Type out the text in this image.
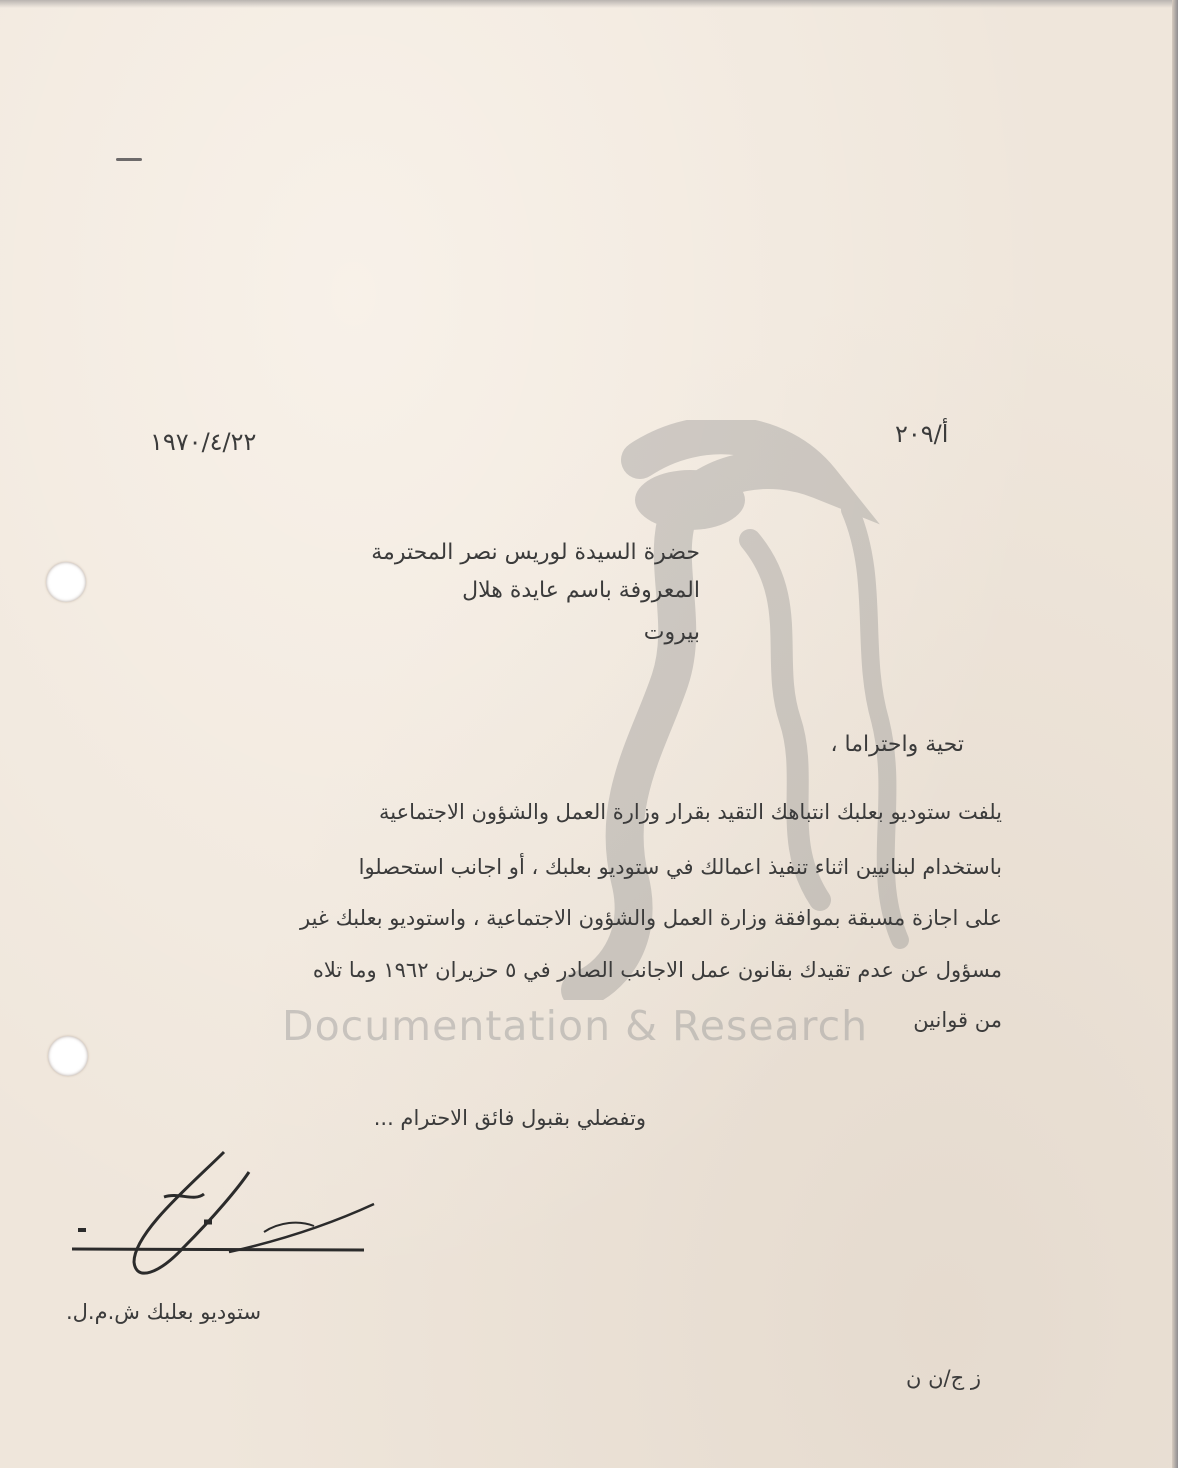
Documentation & Research
١٩٧٠/٤/٢٢	أ/٢٠٩
حضرة السيدة لوريس نصر المحترمة
المعروفة باسم عايدة هلال
بيروت
تحية واحتراما ،
يلفت ستوديو بعلبك انتباهك التقيد بقرار وزارة العمل والشؤون الاجتماعية
باستخدام لبنانيين اثناء تنفيذ اعمالك في ستوديو بعلبك ، أو اجانب استحصلوا
على اجازة مسبقة بموافقة وزارة العمل والشؤون الاجتماعية ، واستوديو بعلبك غير
مسؤول عن عدم تقيدك بقانون عمل الاجانب الصادر في ٥ حزيران ١٩٦٢ وما تلاه
من قوانين
وتفضلي بقبول فائق الاحترام ...
ستوديو بعلبك ش.م.ل.
ز ج/ن ن
